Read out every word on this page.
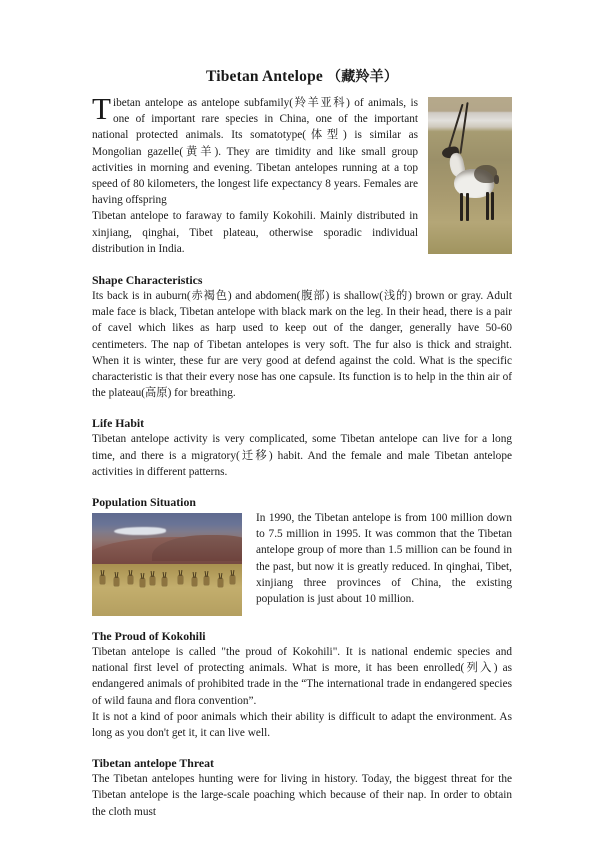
Tibetan Antelope （藏羚羊）

Tibetan antelope as antelope subfamily(羚羊亚科) of animals, is one of important rare species in China, one of the important national protected animals. Its somatotype(体型) is similar as Mongolian gazelle(黄羊). They are timidity and like small group activities in morning and evening. Tibetan antelopes running at a top speed of 80 kilometers, the longest life expectancy 8 years. Females are having offspring

Tibetan antelope to faraway to family Kokohili. Mainly distributed in xinjiang, qinghai, Tibet plateau, otherwise sporadic individual distribution in India.

Shape Characteristics

Its back is in auburn(赤褐色) and abdomen(腹部) is shallow(浅的) brown or gray. Adult male face is black, Tibetan antelope with black mark on the leg. In their head, there is a pair of cavel which likes as harp used to keep out of the danger, generally have 50-60 centimeters. The nap of Tibetan antelopes is very soft. The fur also is thick and straight. When it is winter, these fur are very good at defend against the cold. What is the specific characteristic is that their every nose has one capsule. Its function is to help in the thin air of the plateau(高原) for breathing.

Life Habit

Tibetan antelope activity is very complicated, some Tibetan antelope can live for a long time, and there is a migratory(迁移) habit. And the female and male Tibetan antelope activities in different patterns.

Population Situation

In 1990, the Tibetan antelope is from 100 million down to 7.5 million in 1995. It was common that the Tibetan antelope group of more than 1.5 million can be found in the past, but now it is greatly reduced. In qinghai, Tibet, xinjiang three provinces of China, the existing population is just about 10 million.

The Proud of Kokohili

Tibetan antelope is called "the proud of Kokohili". It is national endemic species and national first level of protecting animals. What is more, it has been enrolled(列入) as endangered animals of prohibited trade in the “The international trade in endangered species of wild fauna and flora convention”.

It is not a kind of poor animals which their ability is difficult to adapt the environment. As long as you don't get it, it can live well.

Tibetan antelope Threat

The Tibetan antelopes hunting were for living in history. Today, the biggest threat for the Tibetan antelope is the large-scale poaching which because of their nap. In order to obtain the cloth must
